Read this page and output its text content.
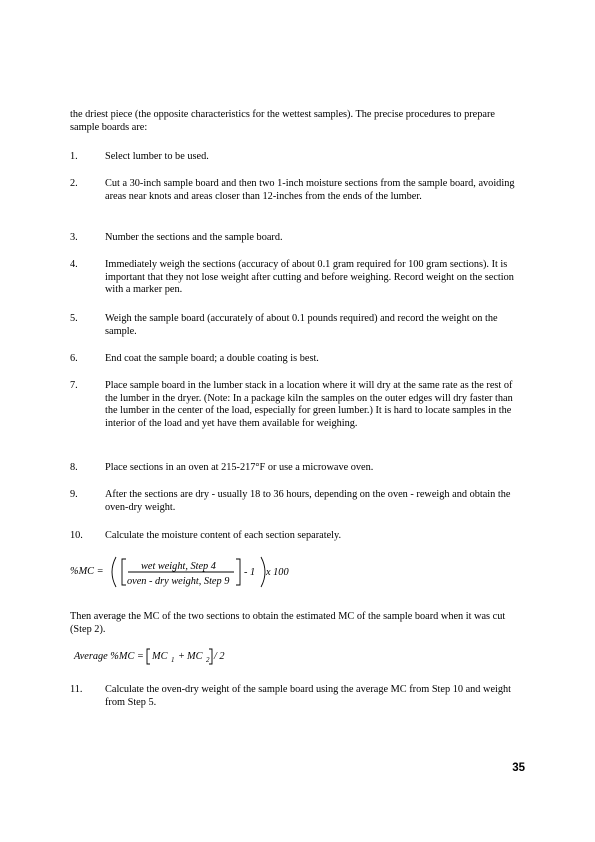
the driest piece (the opposite characteristics for the wettest samples). The precise procedures to prepare sample boards are:

1.	Select lumber to be used.
2.	Cut a 30-inch sample board and then two 1-inch moisture sections from the sample board, avoiding areas near knots and areas closer than 12-inches from the ends of the lumber.
3.	Number the sections and the sample board.
4.	Immediately weigh the sections (accuracy of about 0.1 gram required for 100 gram sections). It is important that they not lose weight after cutting and before weighing. Record weight on the section with a marker pen.
5.	Weigh the sample board (accurately of about 0.1 pounds required) and record the weight on the sample.
6.	End coat the sample board; a double coating is best.
7.	Place sample board in the lumber stack in a location where it will dry at the same rate as the rest of the lumber in the dryer. (Note: In a package kiln the samples on the outer edges will dry faster than the lumber in the center of the load, especially for green lumber.) It is hard to locate samples in the interior of the load and yet have them available for weighing.
8.	Place sections in an oven at 215-217°F or use a microwave oven.
9.	After the sections are dry - usually 18 to 36 hours, depending on the oven - reweigh and obtain the oven-dry weight.
10.	Calculate the moisture content of each section separately.
%MC =	wet weight, Step 4
oven - dry weight, Step 9
- 1 x 100

Then average the MC of the two sections to obtain the estimated MC of the sample board when it was cut (Step 2).

Average %MC = MC 1 + MC 2 / 2
11.	Calculate the oven-dry weight of the sample board using the average MC from Step 10 and weight from Step 5.
35
